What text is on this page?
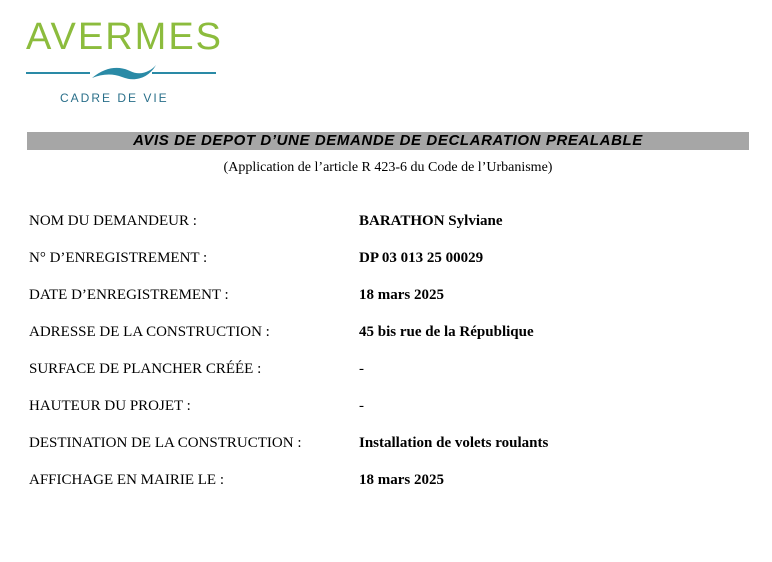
AVERMES
CADRE DE VIE
AVIS DE DEPOT D’UNE DEMANDE DE DECLARATION PREALABLE
(Application de l’article R 423-6 du Code de l’Urbanisme)
NOM DU DEMANDEUR :	BARATHON Sylviane
N° D’ENREGISTREMENT :	DP 03 013 25 00029
DATE D’ENREGISTREMENT :	18 mars 2025
ADRESSE DE LA CONSTRUCTION :	45 bis rue de la République
SURFACE DE PLANCHER CRÉÉE :	-
HAUTEUR DU PROJET :	-
DESTINATION DE LA CONSTRUCTION :	Installation de volets roulants
AFFICHAGE EN MAIRIE LE :	18 mars 2025
